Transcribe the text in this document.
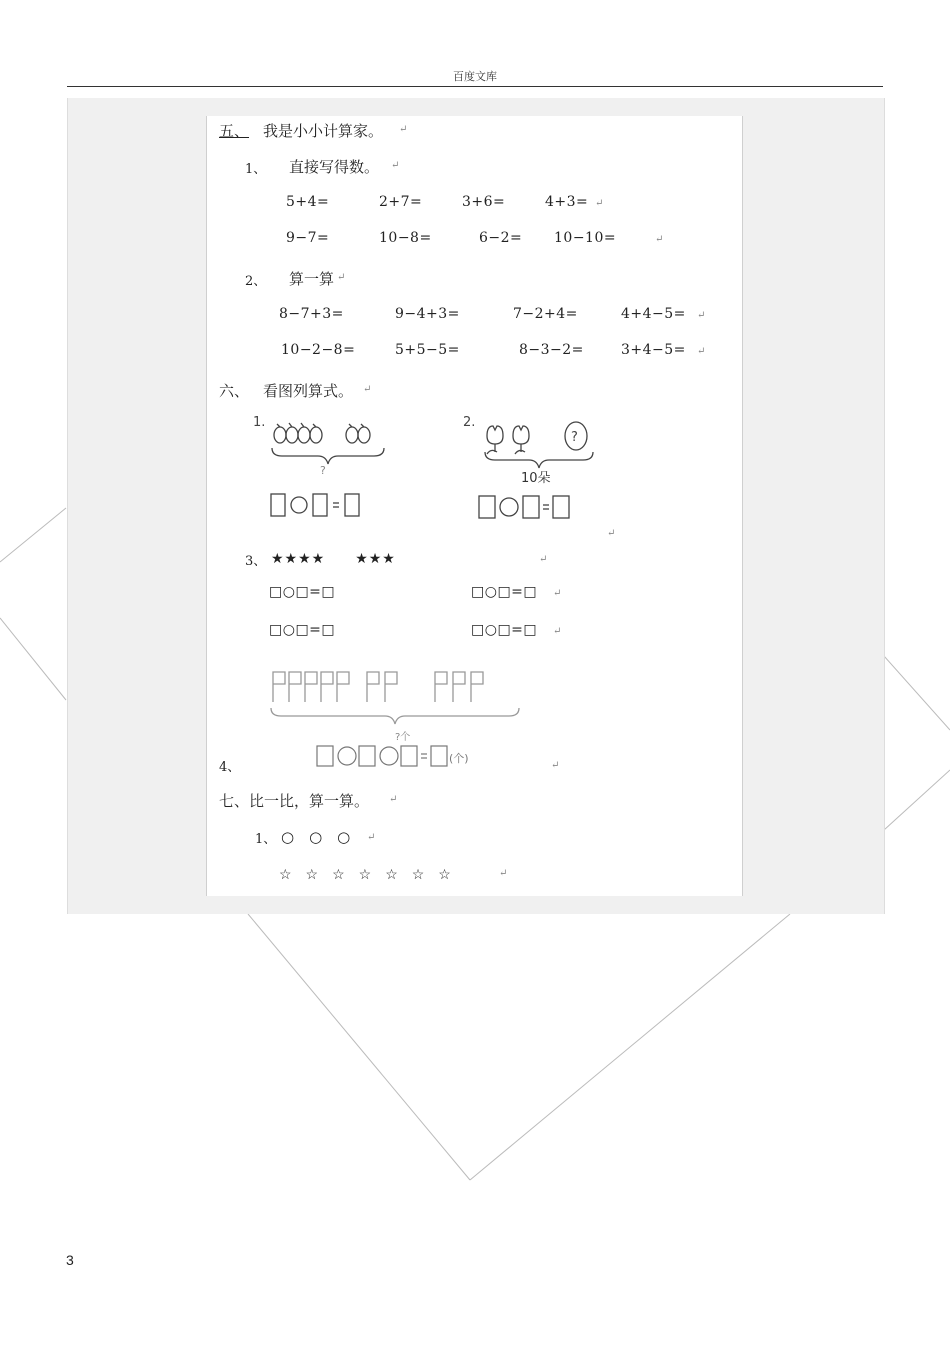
百度文库
五、 我是小小计算家。 ↵
1、 直接写得数。 ↵
5+4=	2+7=	3+6=	4+3= ↵
9−7=	10−8=	6−2= 10−10=	↵
2、 算一算 ↵
8−7+3=	9−4+3=	7−2+4=	4+4−5= ↵
10−2−8=	5+5−5=	8−3−2=	3+4−5= ↵
六、 看图列算式。 ↵
1.
?
2.
?
10朵
↵
3、 ★★★★　　★★★	↵
□○□=□	□○□=□ ↵
□○□=□	□○□=□ ↵
?个
(个)
4、	↵
七、比一比，算一算。 ↵
1、 ○　○　○ ↵
☆　☆　☆　☆　☆　☆　☆	↵
3
